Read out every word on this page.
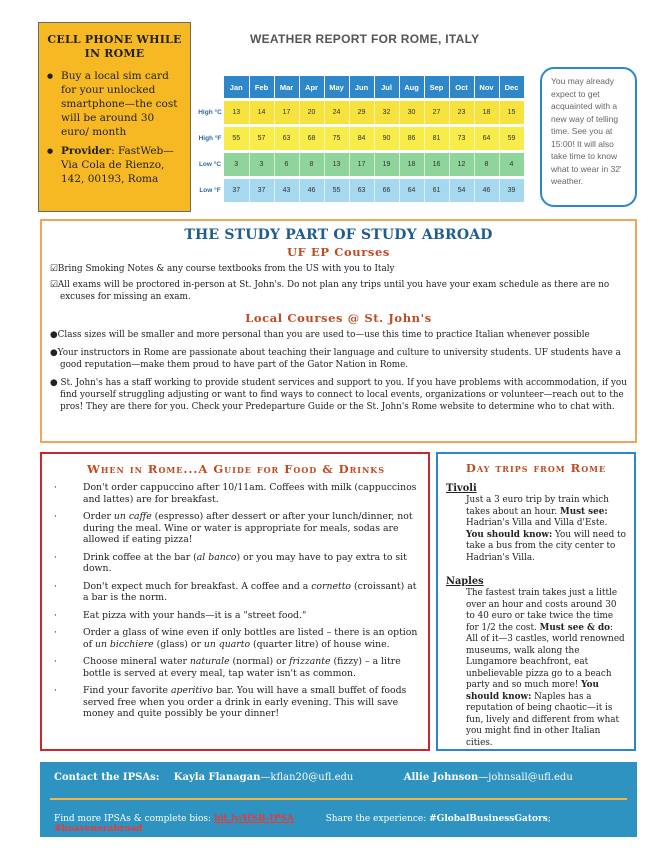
CELL PHONE WHILE IN ROME
● Buy a local sim card for your unlocked smartphone—the cost will be around 30 euro/ month
● Provider: FastWeb—Via Cola de Rienzo, 142, 00193, Roma
WEATHER REPORT FOR ROME, ITALY
	Jan	Feb	Mar	Apr	May	Jun	Jul	Aug	Sep	Oct	Nov	Dec

High °C	13	14	17	20	24	29	32	30	27	23	18	15

High °F	55	57	63	68	75	84	90	86	81	73	64	59

Low °C	3	3	6	8	13	17	19	18	16	12	8	4

Low °F	37	37	43	46	55	63	66	64	61	54	46	39
You may already expect to get acquainted with a new way of telling time. See you at 15:00! It will also take time to know what to wear in 32' weather.
THE STUDY PART OF STUDY ABROAD
UF EP Courses
☑Bring Smoking Notes & any course textbooks from the US with you to Italy
☑All exams will be proctored in-person at St. John's. Do not plan any trips until you have your exam schedule as there are no excuses for missing an exam.
Local Courses @ St. John's
●Class sizes will be smaller and more personal than you are used to—use this time to practice Italian whenever possible
●Your instructors in Rome are passionate about teaching their language and culture to university students. UF students have a good reputation—make them proud to have part of the Gator Nation in Rome.
● St. John's has a staff working to provide student services and support to you. If you have problems with accommodation, if you find yourself struggling adjusting or want to find ways to connect to local events, organizations or volunteer—reach out to the pros! They are there for you. Check your Predeparture Guide or the St. John's Rome website to determine who to chat with.
When in Rome...A Guide for Food & Drinks
·	Don't order cappuccino after 10/11am. Coffees with milk (cappuccinos and lattes) are for breakfast.
·	Order un caffe (espresso) after dessert or after your lunch/dinner, not during the meal. Wine or water is appropriate for meals, sodas are allowed if eating pizza!
·	Drink coffee at the bar (al banco) or you may have to pay extra to sit down.
·	Don't expect much for breakfast. A coffee and a cornetto (croissant) at a bar is the norm.
·	Eat pizza with your hands—it is a "street food."
·	Order a glass of wine even if only bottles are listed – there is an option of un bicchiere (glass) or un quarto (quarter litre) of house wine.
·	Choose mineral water naturale (normal) or frizzante (fizzy) – a litre bottle is served at every meal, tap water isn't as common.
·	Find your favorite aperitivo bar. You will have a small buffet of foods served free when you order a drink in early evening. This will save money and quite possibly be your dinner!
Day trips from Rome
Tivoli
Just a 3 euro trip by train which takes about an hour. Must see: Hadrian's Villa and Villa d'Este. You should know: You will need to take a bus from the city center to Hadrian's Villa.
Naples
The fastest train takes just a little over an hour and costs around 30 to 40 euro or take twice the time for 1/2 the cost. Must see & do: All of it—3 castles, world renowned museums, walk along the Lungamore beachfront, eat unbelievable pizza go to a beach party and so much more! You should know: Naples has a reputation of being chaotic—it is fun, lively and different from what you might find in other Italian cities.
Contact the IPSAs: Kayla Flanagan—kflan20@ufl.edu	Allie Johnson—johnsall@ufl.edu
Find more IPSAs & complete bios: bit.ly/HSB-IPSA	Share the experience: #GlobalBusinessGators; #heavenerabroad
